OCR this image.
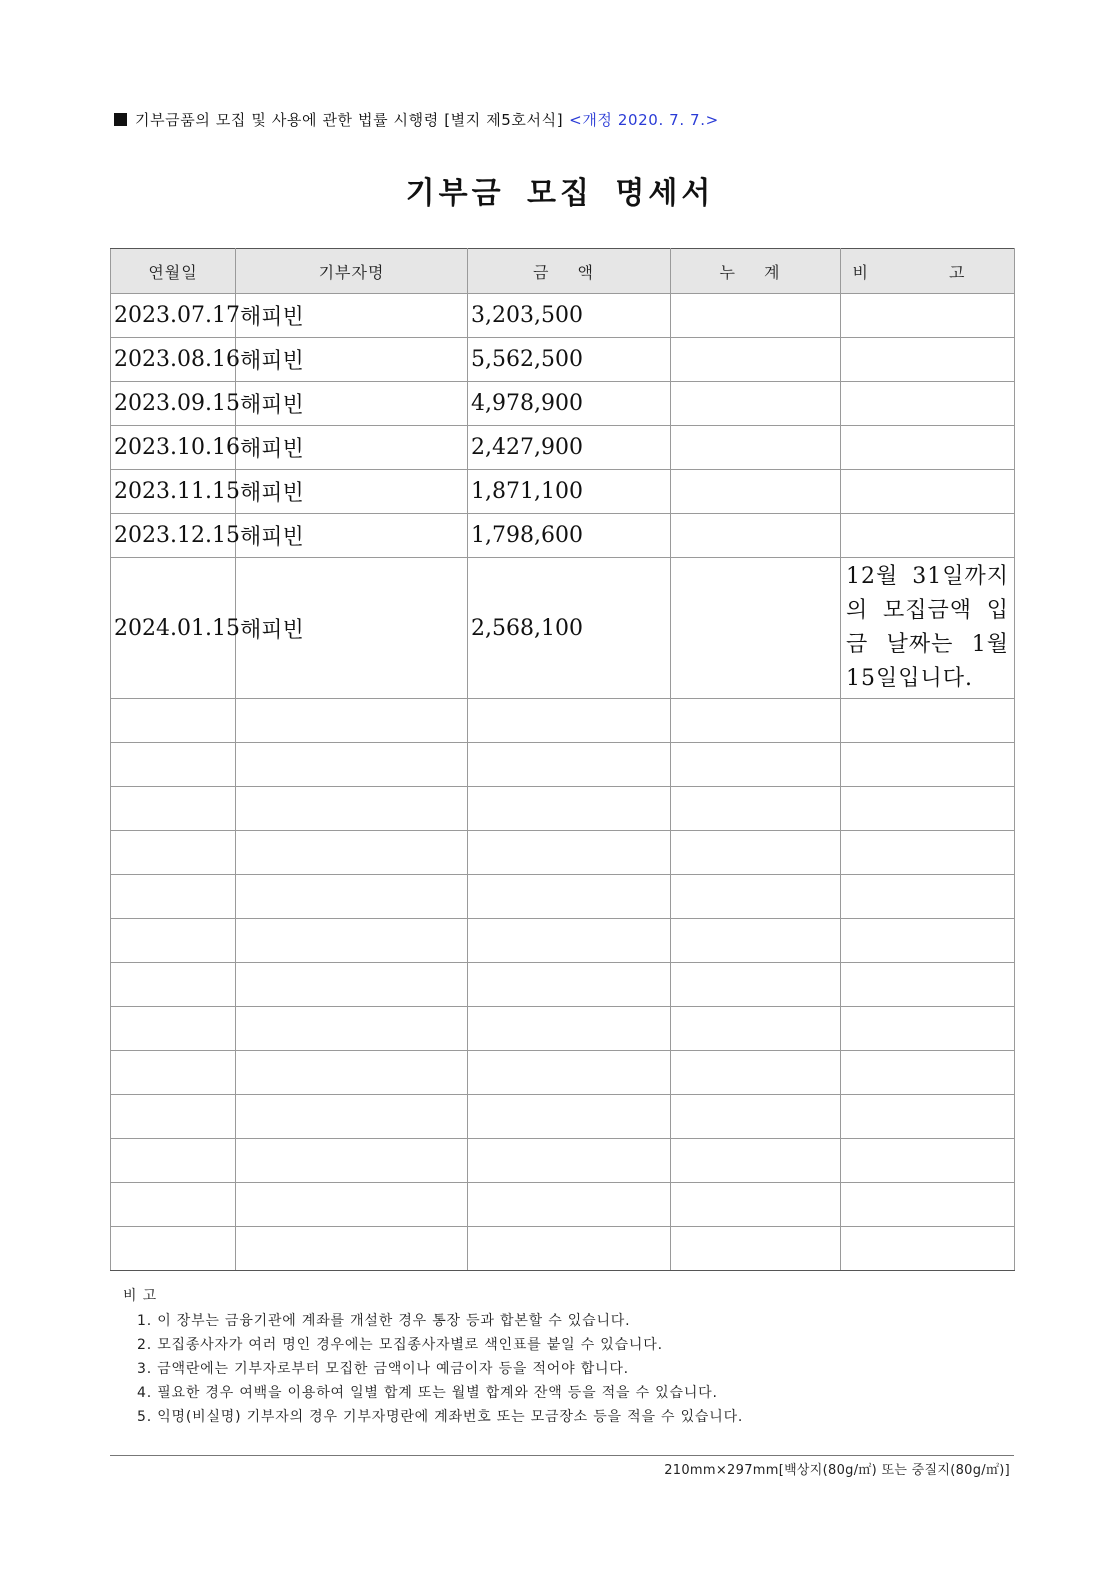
기부금품의 모집 및 사용에 관한 법률 시행령 [별지 제5호서식] <개정 2020. 7. 7.>
기부금 모집 명세서
연월일	기부자명	금 액	누 계	비 고
2023.07.17	해피빈	3,203,500		
2023.08.16	해피빈	5,562,500		
2023.09.15	해피빈	4,978,900		
2023.10.16	해피빈	2,427,900		
2023.11.15	해피빈	1,871,100		
2023.12.15	해피빈	1,798,600		
2024.01.15	해피빈	2,568,100		12월 31일까지의 모집금액 입금 날짜는 1월 15일입니다.

비 고
1. 이 장부는 금융기관에 계좌를 개설한 경우 통장 등과 합본할 수 있습니다.
2. 모집종사자가 여러 명인 경우에는 모집종사자별로 색인표를 붙일 수 있습니다.
3. 금액란에는 기부자로부터 모집한 금액이나 예금이자 등을 적어야 합니다.
4. 필요한 경우 여백을 이용하여 일별 합계 또는 월별 합계와 잔액 등을 적을 수 있습니다.
5. 익명(비실명) 기부자의 경우 기부자명란에 계좌번호 또는 모금장소 등을 적을 수 있습니다.
210mm×297mm[백상지(80g/㎡) 또는 중질지(80g/㎡)]
